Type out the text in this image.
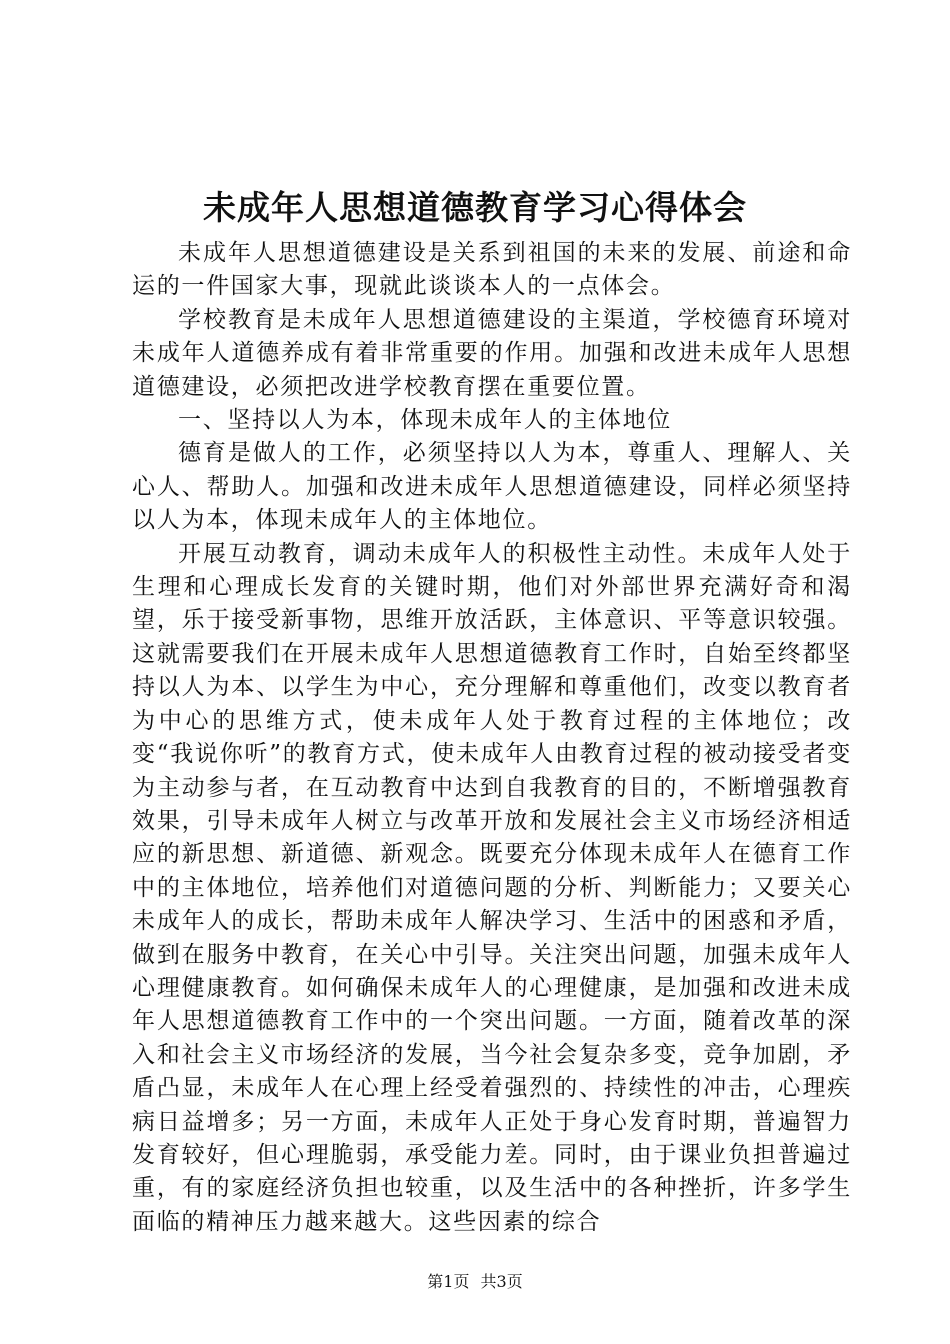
未成年人思想道德教育学习心得体会

未成年人思想道德建设是关系到祖国的未来的发展、前途和命运的一件国家大事，现就此谈谈本人的一点体会。

学校教育是未成年人思想道德建设的主渠道，学校德育环境对未成年人道德养成有着非常重要的作用。加强和改进未成年人思想道德建设，必须把改进学校教育摆在重要位置。

一、坚持以人为本，体现未成年人的主体地位

德育是做人的工作，必须坚持以人为本，尊重人、理解人、关心人、帮助人。加强和改进未成年人思想道德建设，同样必须坚持以人为本，体现未成年人的主体地位。

开展互动教育，调动未成年人的积极性主动性。未成年人处于生理和心理成长发育的关键时期，他们对外部世界充满好奇和渴望，乐于接受新事物，思维开放活跃，主体意识、平等意识较强。这就需要我们在开展未成年人思想道德教育工作时，自始至终都坚持以人为本、以学生为中心，充分理解和尊重他们，改变以教育者为中心的思维方式，使未成年人处于教育过程的主体地位；改变“我说你听”的教育方式，使未成年人由教育过程的被动接受者变为主动参与者，在互动教育中达到自我教育的目的，不断增强教育效果，引导未成年人树立与改革开放和发展社会主义市场经济相适应的新思想、新道德、新观念。既要充分体现未成年人在德育工作中的主体地位，培养他们对道德问题的分析、判断能力；又要关心未成年人的成长，帮助未成年人解决学习、生活中的困惑和矛盾，做到在服务中教育，在关心中引导。关注突出问题，加强未成年人心理健康教育。如何确保未成年人的心理健康，是加强和改进未成年人思想道德教育工作中的一个突出问题。一方面，随着改革的深入和社会主义市场经济的发展，当今社会复杂多变，竞争加剧，矛盾凸显，未成年人在心理上经受着强烈的、持续性的冲击，心理疾病日益增多；另一方面，未成年人正处于身心发育时期，普遍智力发育较好，但心理脆弱，承受能力差。同时，由于课业负担普遍过重，有的家庭经济负担也较重，以及生活中的各种挫折，许多学生面临的精神压力越来越大。这些因素的综合

第1页 共3页
